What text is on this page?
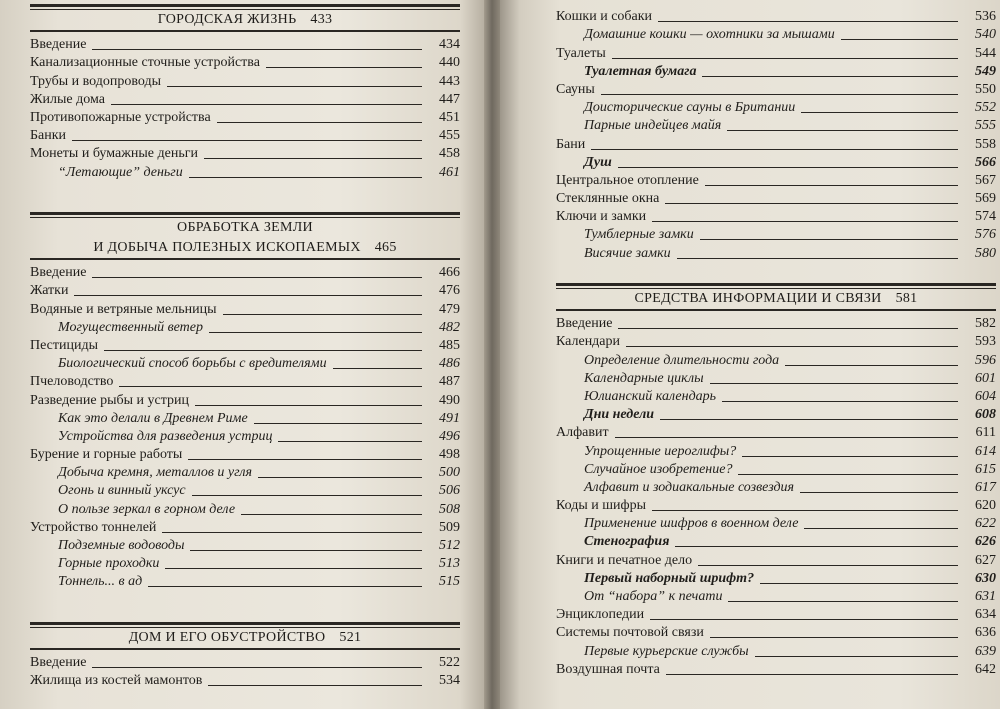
ГОРОДСКАЯ ЖИЗНЬ 433
Введение	434
Канализационные сточные устройства	440
Трубы и водопроводы	443
Жилые дома	447
Противопожарные устройства	451
Банки	455
Монеты и бумажные деньги	458
“Летающие” деньги	461
ОБРАБОТКА ЗЕМЛИ
И ДОБЫЧА ПОЛЕЗНЫХ ИСКОПАЕМЫХ 465
Введение	466
Жатки	476
Водяные и ветряные мельницы	479
Могущественный ветер	482
Пестициды	485
Биологический способ борьбы с вредителями	486
Пчеловодство	487
Разведение рыбы и устриц	490
Как это делали в Древнем Риме	491
Устройства для разведения устриц	496
Бурение и горные работы	498
Добыча кремня, металлов и угля	500
Огонь и винный уксус	506
О пользе зеркал в горном деле	508
Устройство тоннелей	509
Подземные водоводы	512
Горные проходки	513
Тоннель... в ад	515
ДОМ И ЕГО ОБУСТРОЙСТВО 521
Введение	522
Жилища из костей мамонтов	534
Кошки и собаки	536
Домашние кошки — охотники за мышами	540
Туалеты	544
Туалетная бумага	549
Сауны	550
Доисторические сауны в Британии	552
Парные индейцев майя	555
Бани	558
Душ	566
Центральное отопление	567
Стеклянные окна	569
Ключи и замки	574
Тумблерные замки	576
Висячие замки	580
СРЕДСТВА ИНФОРМАЦИИ И СВЯЗИ 581
Введение	582
Календари	593
Определение длительности года	596
Календарные циклы	601
Юлианский календарь	604
Дни недели	608
Алфавит	611
Упрощенные иероглифы?	614
Случайное изобретение?	615
Алфавит и зодиакальные созвездия	617
Коды и шифры	620
Применение шифров в военном деле	622
Стенография	626
Книги и печатное дело	627
Первый наборный шрифт?	630
От “набора” к печати	631
Энциклопедии	634
Системы почтовой связи	636
Первые курьерские службы	639
Воздушная почта	642
